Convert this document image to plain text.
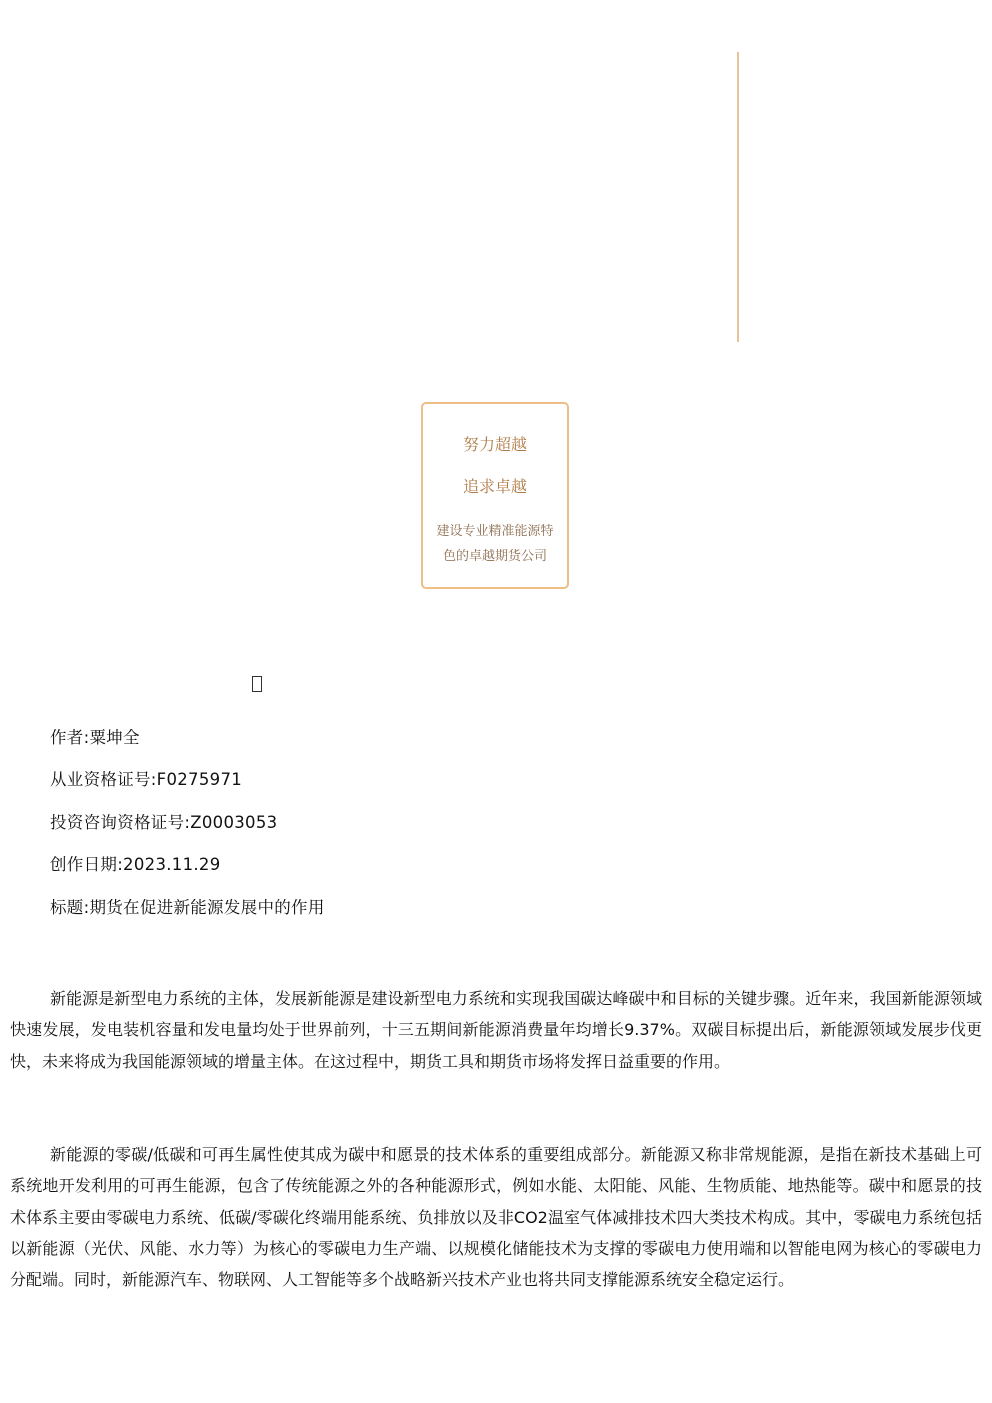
努力超越
追求卓越
建设专业精准能源特色的卓越期货公司
作者:粟坤全
从业资格证号:F0275971
投资咨询资格证号:Z0003053
创作日期:2023.11.29
标题:期货在促进新能源发展中的作用

新能源是新型电力系统的主体，发展新能源是建设新型电力系统和实现我国碳达峰碳中和目标的关键步骤。近年来，我国新能源领域快速发展，发电装机容量和发电量均处于世界前列，十三五期间新能源消费量年均增长9.37%。双碳目标提出后，新能源领域发展步伐更快，未来将成为我国能源领域的增量主体。在这过程中，期货工具和期货市场将发挥日益重要的作用。

新能源的零碳/低碳和可再生属性使其成为碳中和愿景的技术体系的重要组成部分。新能源又称非常规能源，是指在新技术基础上可系统地开发利用的可再生能源，包含了传统能源之外的各种能源形式，例如水能、太阳能、风能、生物质能、地热能等。碳中和愿景的技术体系主要由零碳电力系统、低碳/零碳化终端用能系统、负排放以及非CO2温室气体减排技术四大类技术构成。其中，零碳电力系统包括以新能源（光伏、风能、水力等）为核心的零碳电力生产端、以规模化储能技术为支撑的零碳电力使用端和以智能电网为核心的零碳电力分配端。同时，新能源汽车、物联网、人工智能等多个战略新兴技术产业也将共同支撑能源系统安全稳定运行。
